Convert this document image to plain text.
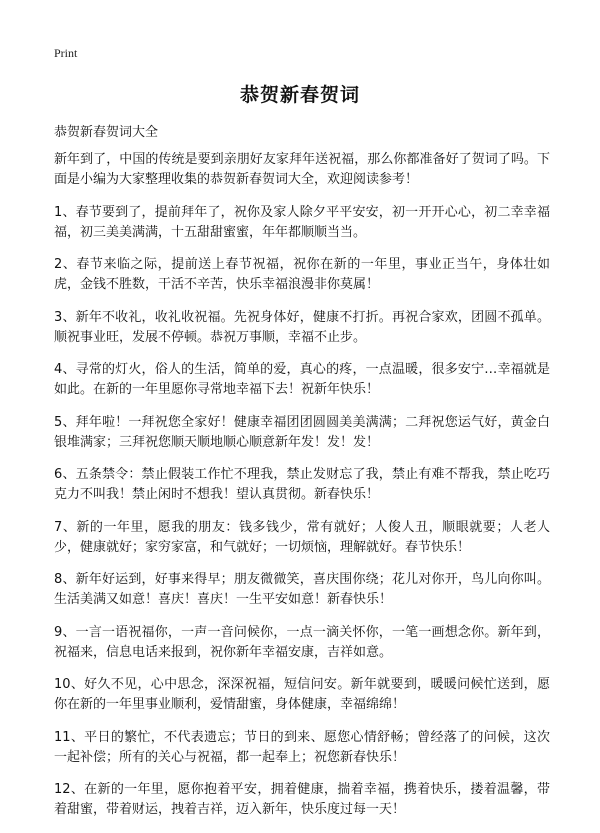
Print
恭贺新春贺词
恭贺新春贺词大全

新年到了，中国的传统是要到亲朋好友家拜年送祝福，那么你都准备好了贺词了吗。下面是小编为大家整理收集的恭贺新春贺词大全，欢迎阅读参考！

1、春节要到了，提前拜年了，祝你及家人除夕平平安安，初一开开心心，初二幸幸福福，初三美美满满，十五甜甜蜜蜜，年年都顺顺当当。

2、春节来临之际，提前送上春节祝福，祝你在新的一年里，事业正当午，身体壮如虎，金钱不胜数，干活不辛苦，快乐幸福浪漫非你莫属！

3、新年不收礼，收礼收祝福。先祝身体好，健康不打折。再祝合家欢，团圆不孤单。顺祝事业旺，发展不停顿。恭祝万事顺，幸福不止步。

4、寻常的灯火，俗人的生活，简单的爱，真心的疼，一点温暖，很多安宁…幸福就是如此。在新的一年里愿你寻常地幸福下去！祝新年快乐！

5、拜年啦！一拜祝您全家好！健康幸福团团圆圆美美满满；二拜祝您运气好，黄金白银堆满家；三拜祝您顺天顺地顺心顺意新年发！发！发！

6、五条禁令：禁止假装工作忙不理我，禁止发财忘了我，禁止有难不帮我，禁止吃巧克力不叫我！禁止闲时不想我！望认真贯彻。新春快乐！

7、新的一年里，愿我的朋友：钱多钱少，常有就好；人俊人丑，顺眼就要；人老人少，健康就好；家穷家富，和气就好；一切烦恼，理解就好。春节快乐！

8、新年好运到，好事来得早；朋友微微笑，喜庆围你绕；花儿对你开，鸟儿向你叫。生活美满又如意！喜庆！喜庆！一生平安如意！新春快乐！

9、一言一语祝福你，一声一音问候你，一点一滴关怀你，一笔一画想念你。新年到，祝福来，信息电话来报到，祝你新年幸福安康，吉祥如意。

10、好久不见，心中思念，深深祝福，短信问安。新年就要到，暖暖问候忙送到，愿你在新的一年里事业顺利，爱情甜蜜，身体健康，幸福绵绵！

11、平日的繁忙，不代表遗忘；节日的到来、愿您心情舒畅；曾经落了的问候，这次一起补偿；所有的关心与祝福，都一起奉上；祝您新春快乐！

12、在新的一年里，愿你抱着平安，拥着健康，揣着幸福，携着快乐，搂着温馨，带着甜蜜，带着财运，拽着吉祥，迈入新年，快乐度过每一天！
